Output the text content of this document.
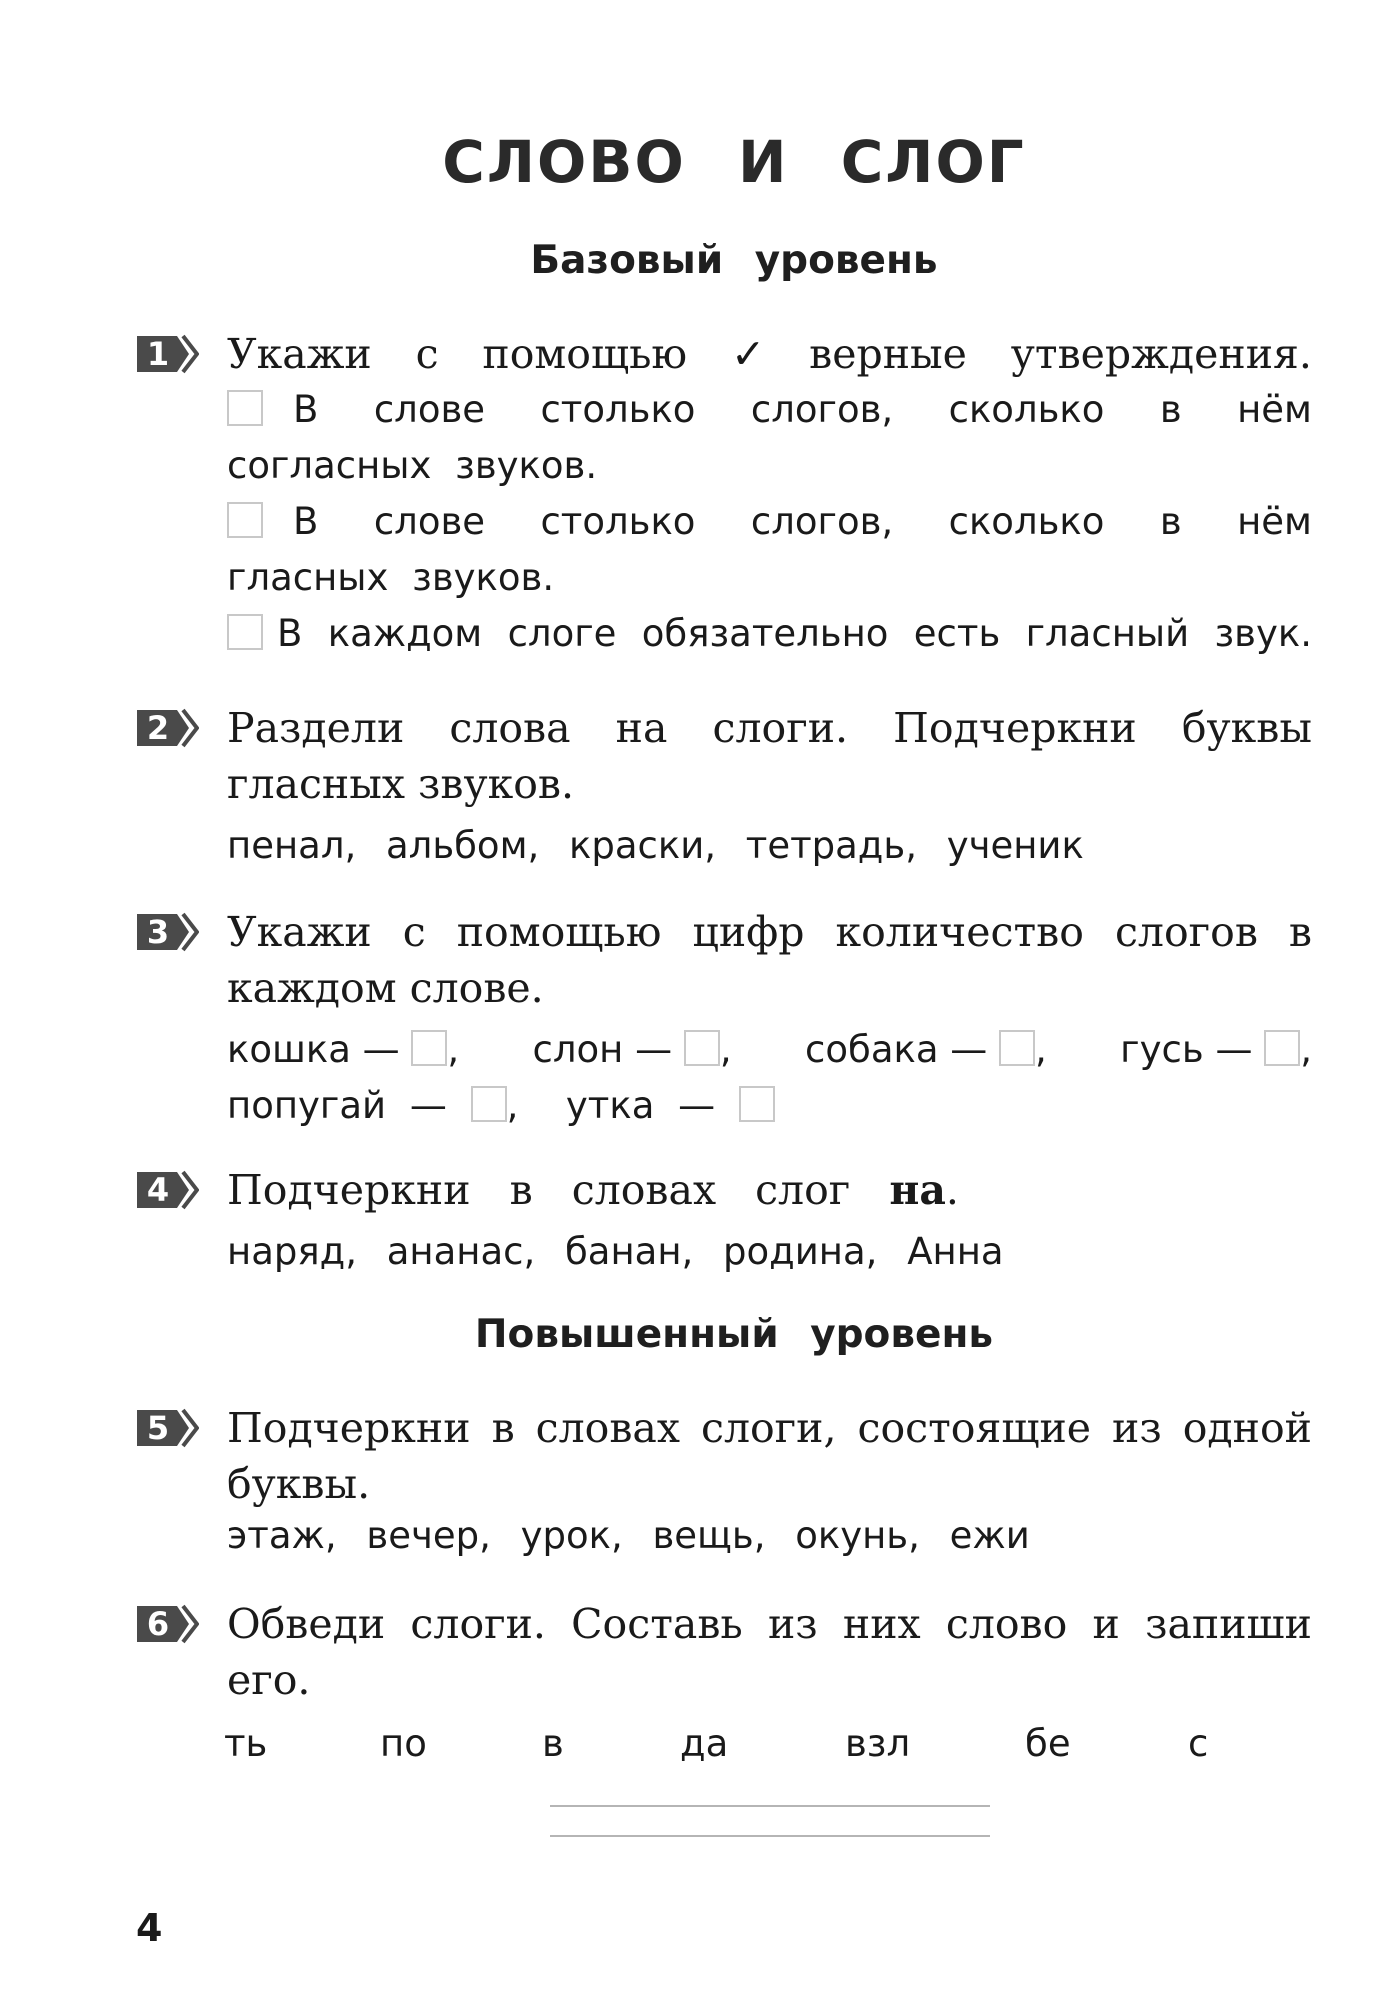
СЛОВО И СЛОГ
Базовый уровень
1 Укажи с помощью ✓ верные утверждения.
В слове столько слогов, сколько в нём
согласных звуков.
В слове столько слогов, сколько в нём
гласных звуков.
В каждом слоге обязательно есть гласный звук.
2 Раздели слова на слоги. Подчеркни буквы гласных звуков.
пенал, альбом, краски, тетрадь, ученик
3 Укажи с помощью цифр количество слогов в каждом слове.
кошка — , слон — , собака — , гусь — ,
попугай — ,  утка —
4 Подчеркни в словах слог на.
наряд, ананас, банан, родина, Анна
Повышенный уровень
5 Подчеркни в словах слоги, состоящие из одной буквы.
этаж, вечер, урок, вещь, окунь, ежи
6 Обведи слоги. Составь из них слово и запиши его.
ть	по	в	да	взл	бе	с
4
